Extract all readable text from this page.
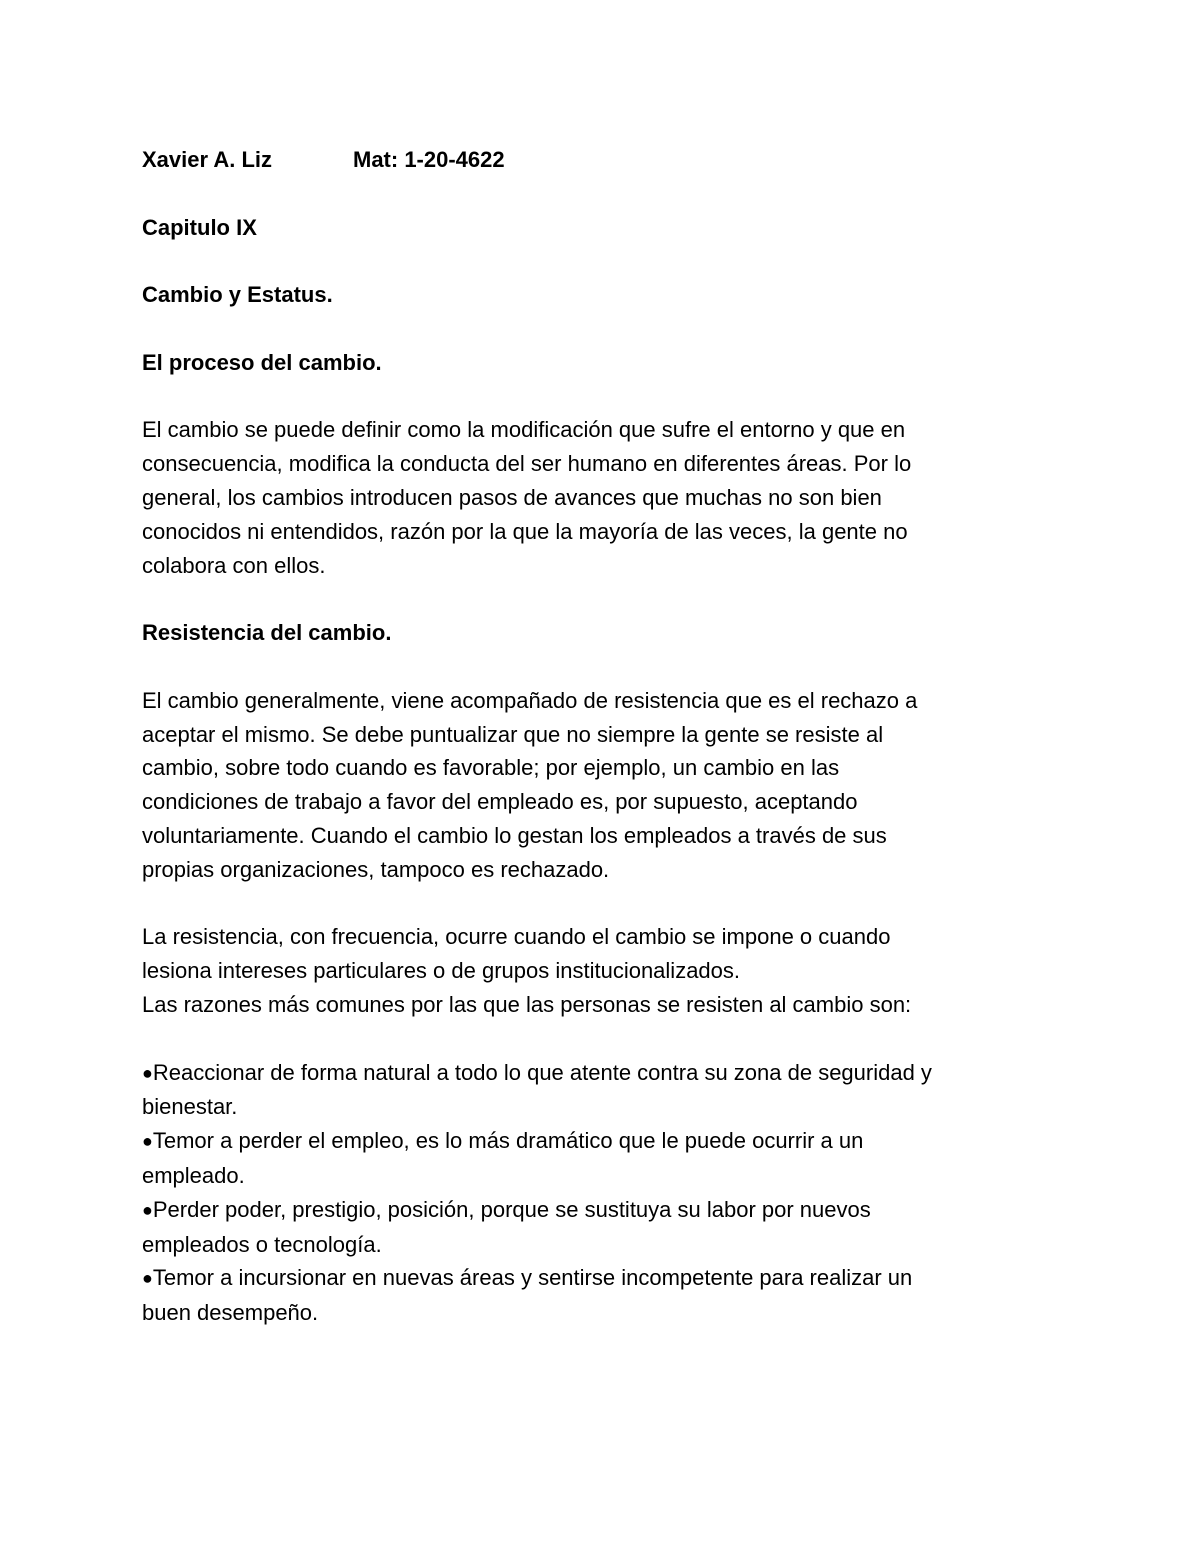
Xavier A. Liz	Mat: 1-20-4622

Capitulo IX

Cambio y Estatus.

El proceso del cambio.

El cambio se puede definir como la modificación que sufre el entorno y que en

consecuencia, modifica la conducta del ser humano en diferentes áreas. Por lo

general, los cambios introducen pasos de avances que muchas no son bien

conocidos ni entendidos, razón por la que la mayoría de las veces, la gente no

colabora con ellos.

Resistencia del cambio.

El cambio generalmente, viene acompañado de resistencia que es el rechazo a

aceptar el mismo. Se debe puntualizar que no siempre la gente se resiste al

cambio, sobre todo cuando es favorable; por ejemplo, un cambio en las

condiciones de trabajo a favor del empleado es, por supuesto, aceptando

voluntariamente. Cuando el cambio lo gestan los empleados a través de sus

propias organizaciones, tampoco es rechazado.

La resistencia, con frecuencia, ocurre cuando el cambio se impone o cuando

lesiona intereses particulares o de grupos institucionalizados.

Las razones más comunes por las que las personas se resisten al cambio son:

●Reaccionar de forma natural a todo lo que atente contra su zona de seguridad y

bienestar.

●Temor a perder el empleo, es lo más dramático que le puede ocurrir a un

empleado.

●Perder poder, prestigio, posición, porque se sustituya su labor por nuevos

empleados o tecnología.

●Temor a incursionar en nuevas áreas y sentirse incompetente para realizar un

buen desempeño.
